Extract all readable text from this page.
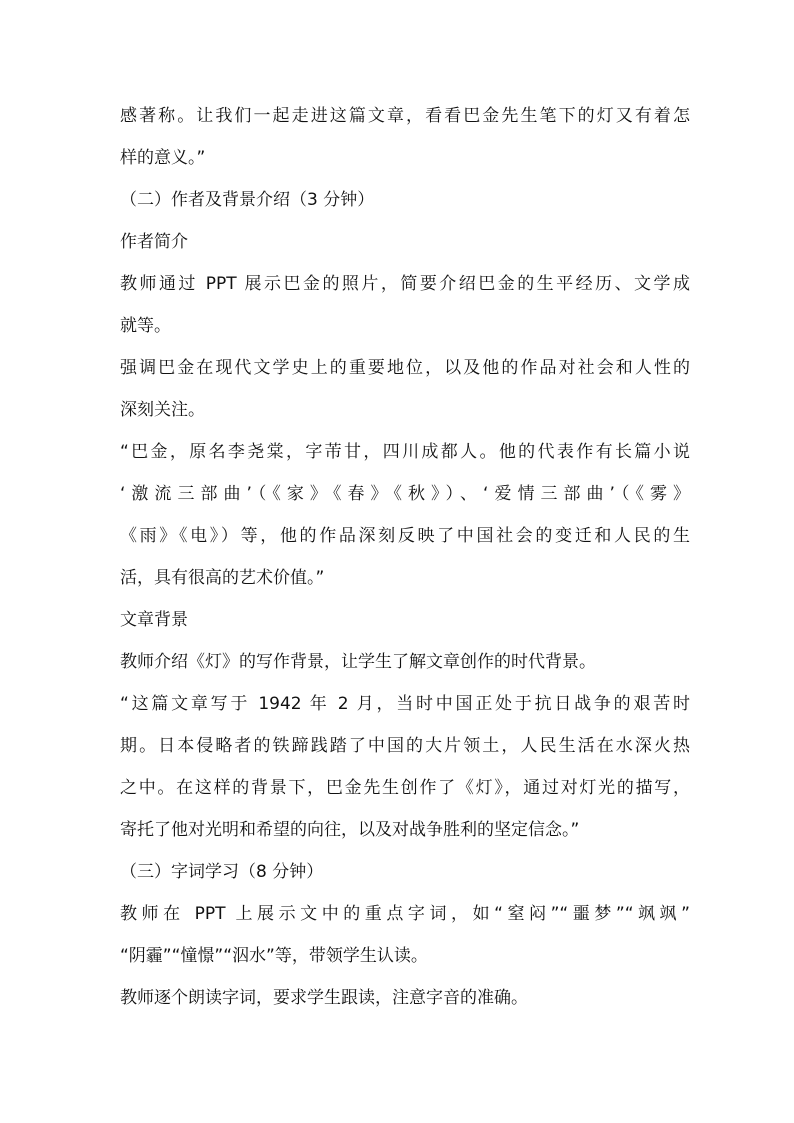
感著称。让我们一起走进这篇文章，看看巴金先生笔下的灯又有着怎
样的意义。”
（二）作者及背景介绍（3 分钟）
作者简介
教师通过 PPT 展示巴金的照片，简要介绍巴金的生平经历、文学成
就等。
强调巴金在现代文学史上的重要地位，以及他的作品对社会和人性的
深刻关注。
“巴金，原名李尧棠，字芾甘，四川成都人。他的代表作有长篇小说
‘激流三部曲’（《家》《春》《秋》）、‘爱情三部曲’（《雾》
《雨》《电》）等，他的作品深刻反映了中国社会的变迁和人民的生
活，具有很高的艺术价值。”
文章背景
教师介绍《灯》的写作背景，让学生了解文章创作的时代背景。
“这篇文章写于 1942 年 2 月，当时中国正处于抗日战争的艰苦时
期。日本侵略者的铁蹄践踏了中国的大片领土，人民生活在水深火热
之中。在这样的背景下，巴金先生创作了《灯》，通过对灯光的描写，
寄托了他对光明和希望的向往，以及对战争胜利的坚定信念。”
（三）字词学习（8 分钟）
教师在 PPT 上展示文中的重点字词，如“窒闷”“噩梦”“飒飒”
“阴霾”“憧憬”“泅水”等，带领学生认读。
教师逐个朗读字词，要求学生跟读，注意字音的准确。
